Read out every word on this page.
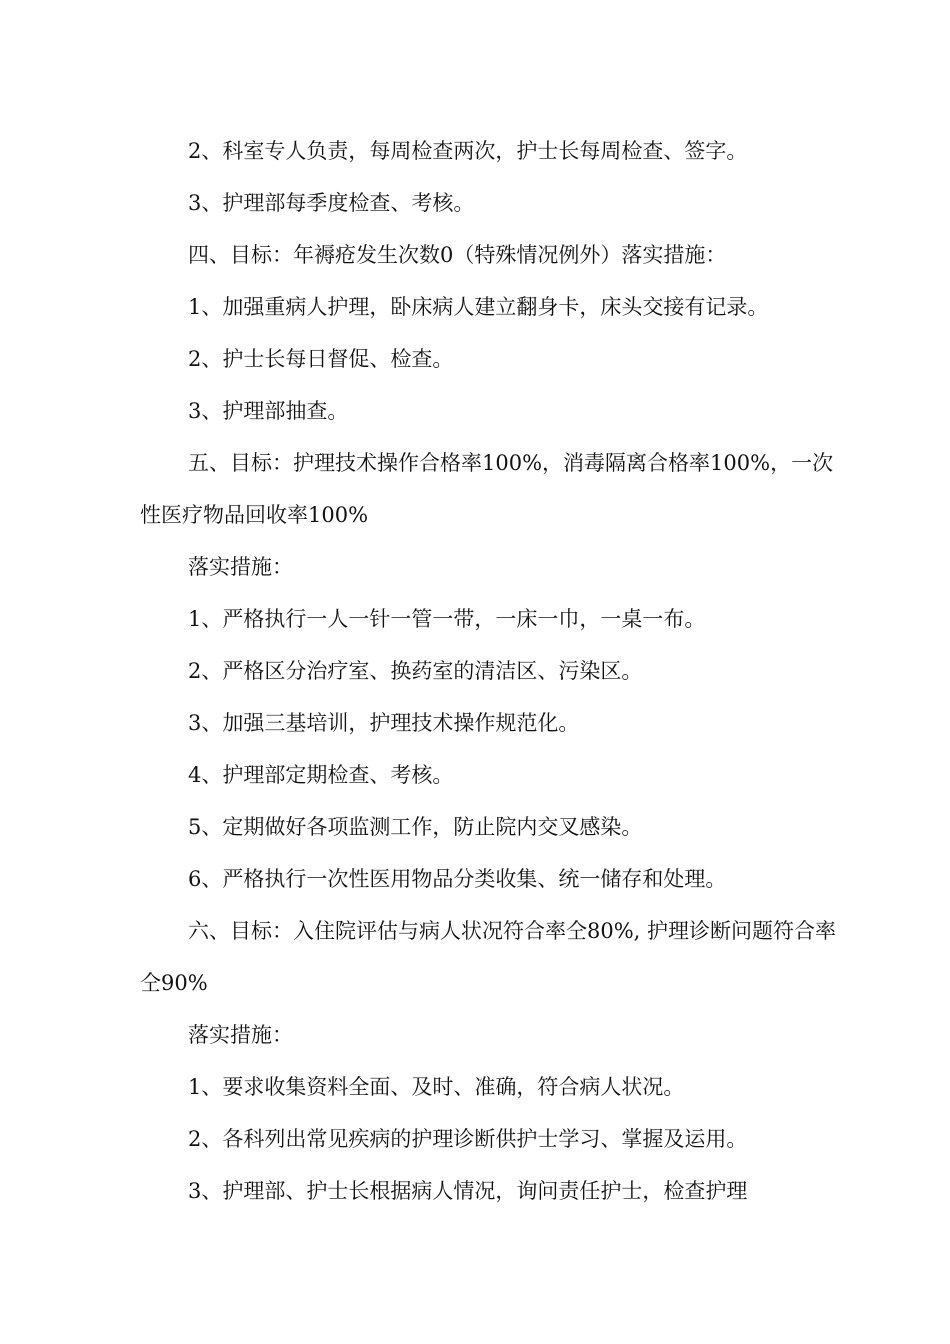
2、科室专人负责，每周检查两次，护士长每周检查、签字。

3、护理部每季度检查、考核。

四、目标：年褥疮发生次数0（特殊情况例外）落实措施：

1、加强重病人护理，卧床病人建立翻身卡，床头交接有记录。

2、护士长每日督促、检查。

3、护理部抽查。

五、目标：护理技术操作合格率100%，消毒隔离合格率100%，一次性医疗物品回收率100%

落实措施：

1、严格执行一人一针一管一带，一床一巾，一桌一布。

2、严格区分治疗室、换药室的清洁区、污染区。

3、加强三基培训，护理技术操作规范化。

4、护理部定期检查、考核。

5、定期做好各项监测工作，防止院内交叉感染。

6、严格执行一次性医用物品分类收集、统一储存和处理。

六、目标：入住院评估与病人状况符合率仝80%, 护理诊断问题符合率仝90%

落实措施：

1、要求收集资料全面、及时、准确，符合病人状况。

2、各科列出常见疾病的护理诊断供护士学习、掌握及运用。

3、护理部、护士长根据病人情况，询问责任护士，检查护理
